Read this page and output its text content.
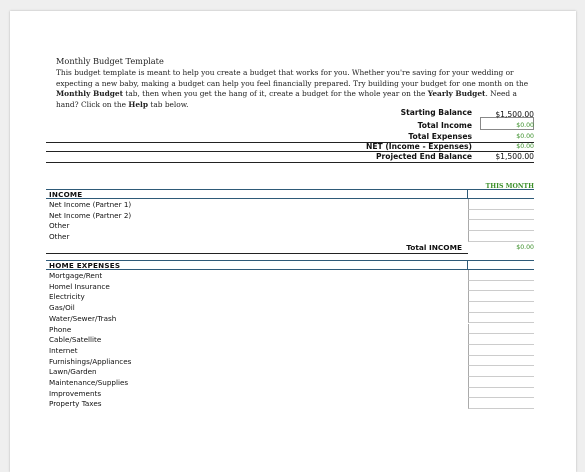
Monthly Budget Template
This budget template is meant to help you create a budget that works for you. Whether you're saving for your wedding or expecting a new baby, making a budget can help you feel financially prepared. Try building your budget for one month on the Monthly Budget tab, then when you get the hang of it, create a budget for the whole year on the Yearly Budget. Need a hand? Click on the Help tab below.
Starting Balance	$1,500.00
Total Income	$0.00
Total Expenses	$0.00
NET (Income - Expenses)	$0.00
Projected End Balance	$1,500.00
THIS MONTH
INCOME
Net Income (Partner 1)
Net Income (Partner 2)
Other
Other
Total INCOME	$0.00
HOME EXPENSES
Mortgage/Rent
Homel Insurance
Electricity
Gas/Oil
Water/Sewer/Trash
Phone
Cable/Satellite
Internet
Furnishings/Appliances
Lawn/Garden
Maintenance/Supplies
Improvements
Property Taxes
